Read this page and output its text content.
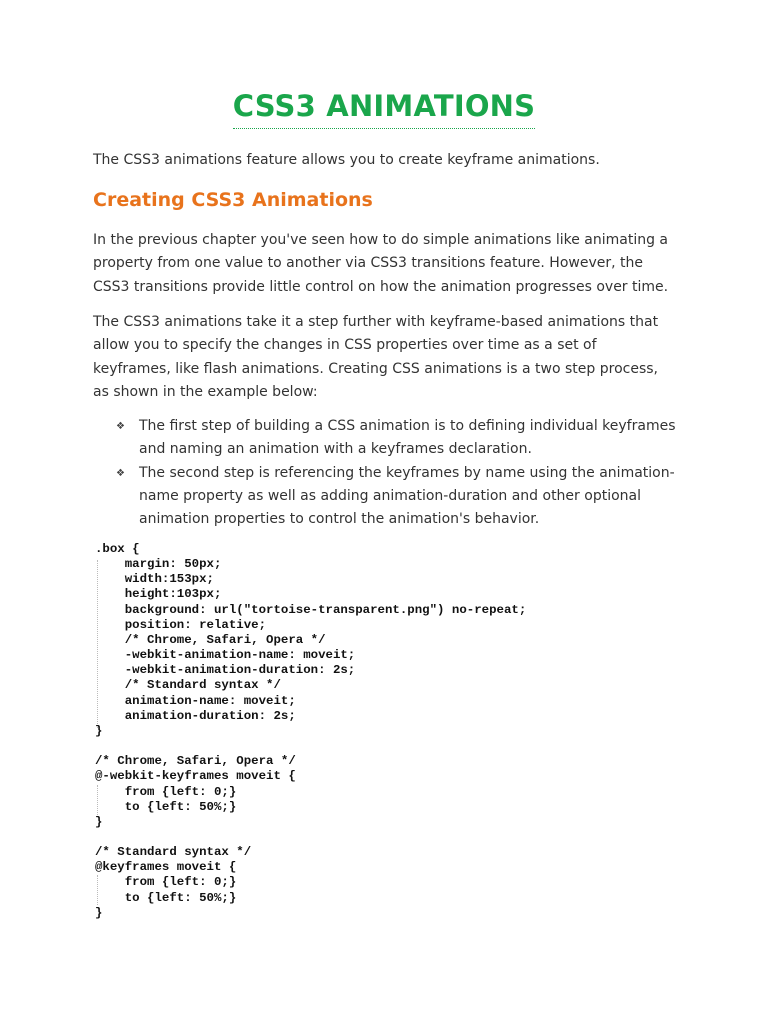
CSS3 ANIMATIONS

The CSS3 animations feature allows you to create keyframe animations.

Creating CSS3 Animations

In the previous chapter you've seen how to do simple animations like animating a property from one value to another via CSS3 transitions feature. However, the CSS3 transitions provide little control on how the animation progresses over time.

The CSS3 animations take it a step further with keyframe-based animations that allow you to specify the changes in CSS properties over time as a set of keyframes, like flash animations. Creating CSS animations is a two step process, as shown in the example below:

❖ The first step of building a CSS animation is to defining individual keyframes and naming an animation with a keyframes declaration.
❖ The second step is referencing the keyframes by name using the animation-name property as well as adding animation-duration and other optional animation properties to control the animation's behavior.
.box {
margin: 50px;
width:153px;
height:103px;
background: url("tortoise-transparent.png") no-repeat;
position: relative;
/* Chrome, Safari, Opera */
-webkit-animation-name: moveit;
-webkit-animation-duration: 2s;
/* Standard syntax */
animation-name: moveit;
animation-duration: 2s;
}

/* Chrome, Safari, Opera */
@-webkit-keyframes moveit {
from {left: 0;}
to {left: 50%;}
}

/* Standard syntax */
@keyframes moveit {
from {left: 0;}
to {left: 50%;}
}
